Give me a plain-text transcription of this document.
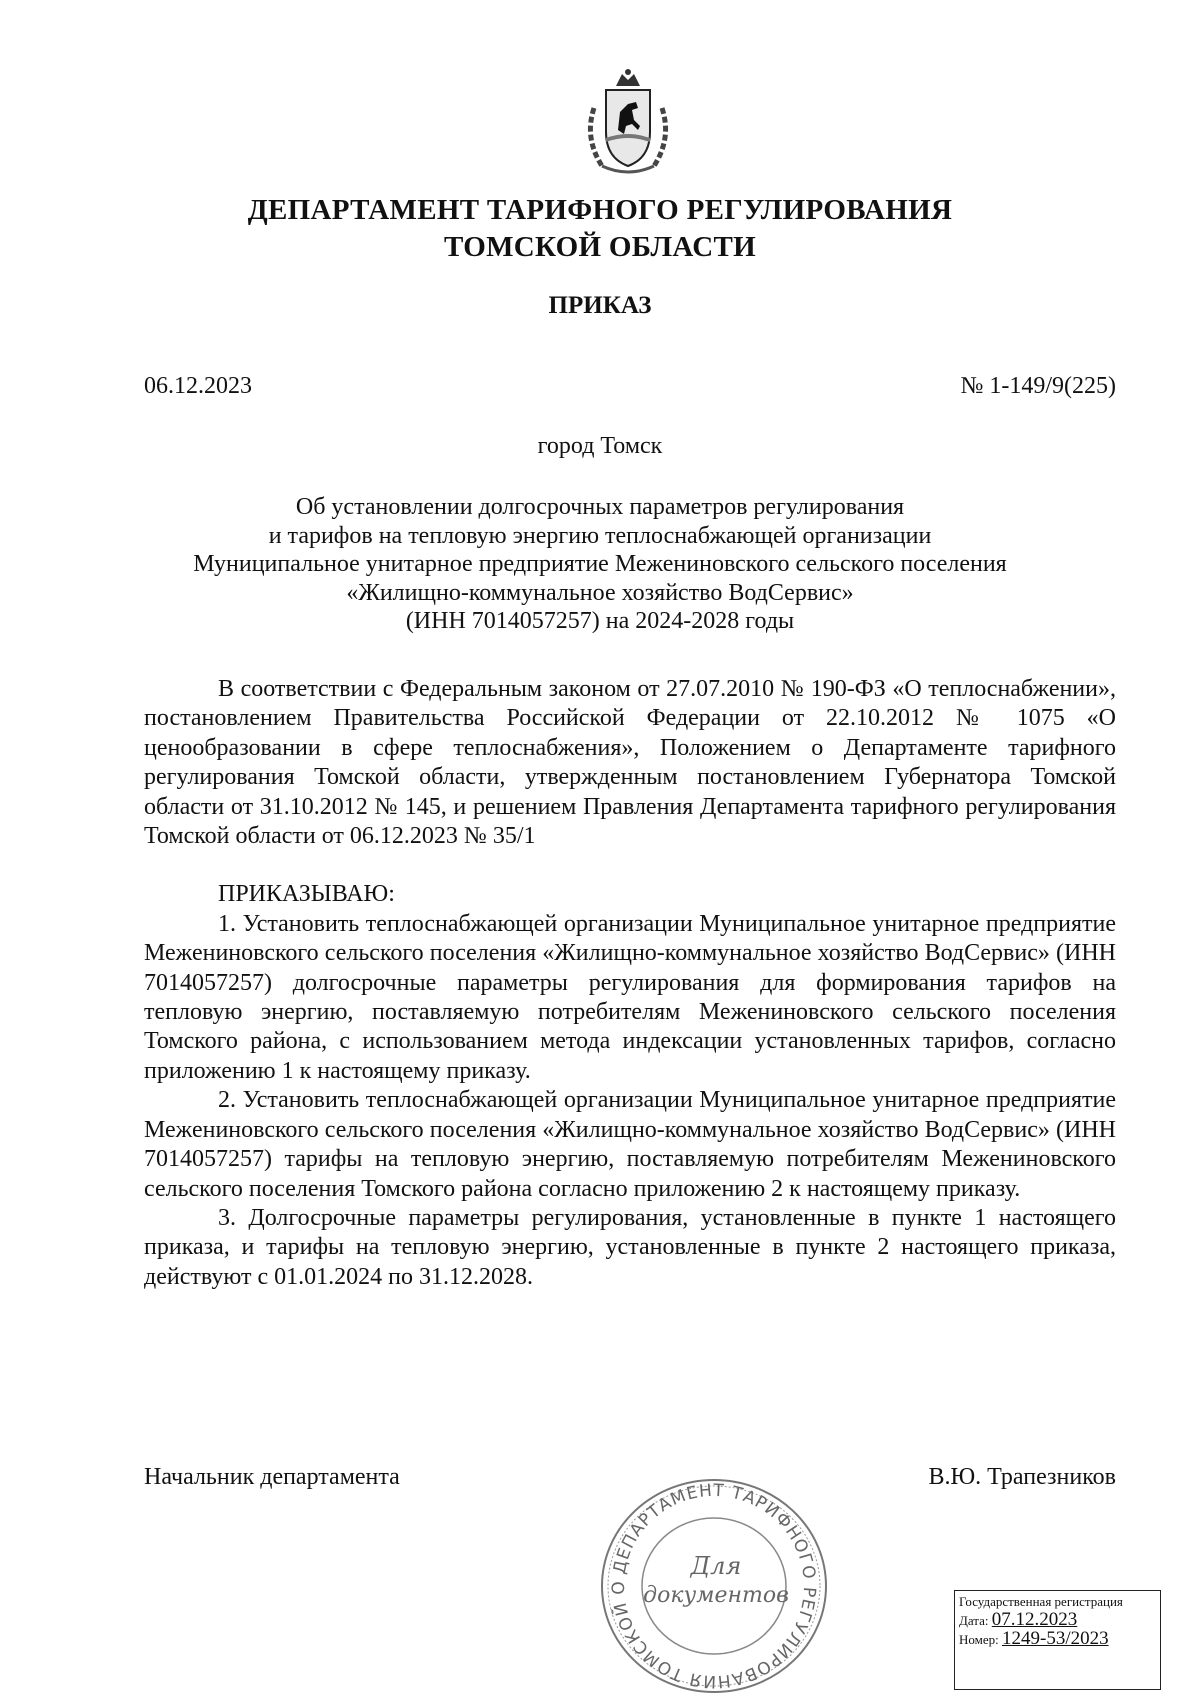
ДЕПАРТАМЕНТ ТАРИФНОГО РЕГУЛИРОВАНИЯ
ТОМСКОЙ ОБЛАСТИ
ПРИКАЗ
06.12.2023	№ 1-149/9(225)
город Томск
Об установлении долгосрочных параметров регулирования
и тарифов на тепловую энергию теплоснабжающей организации
Муниципальное унитарное предприятие Межениновского сельского поселения
«Жилищно-коммунальное хозяйство ВодСервис»
(ИНН 7014057257) на 2024-2028 годы

В соответствии с Федеральным законом от 27.07.2010 № 190-ФЗ «О теплоснабжении», постановлением Правительства Российской Федерации от 22.10.2012 № 1075 «О ценообразовании в сфере теплоснабжения», Положением о Департаменте тарифного регулирования Томской области, утвержденным постановлением Губернатора Томской области от 31.10.2012 № 145, и решением Правления Департамента тарифного регулирования Томской области от 06.12.2023 № 35/1

ПРИКАЗЫВАЮ:

1. Установить теплоснабжающей организации Муниципальное унитарное предприятие Межениновского сельского поселения «Жилищно-коммунальное хозяйство ВодСервис» (ИНН 7014057257) долгосрочные параметры регулирования для формирования тарифов на тепловую энергию, поставляемую потребителям Межениновского сельского поселения Томского района, с использованием метода индексации установленных тарифов, согласно приложению 1 к настоящему приказу.

2. Установить теплоснабжающей организации Муниципальное унитарное предприятие Межениновского сельского поселения «Жилищно-коммунальное хозяйство ВодСервис» (ИНН 7014057257) тарифы на тепловую энергию, поставляемую потребителям Межениновского сельского поселения Томского района согласно приложению 2 к настоящему приказу.

3. Долгосрочные параметры регулирования, установленные в пункте 1 настоящего приказа, и тарифы на тепловую энергию, установленные в пункте 2 настоящего приказа, действуют с 01.01.2024 по 31.12.2028.

Начальник департамента	В.Ю. Трапезников
ДЕПАРТАМЕНТ ТАРИФНОГО РЕГУЛИРОВАНИЯ ТОМСКОЙ О
Для
документов	Государственная регистрация
Дата: 07.12.2023
Номер: 1249-53/2023
